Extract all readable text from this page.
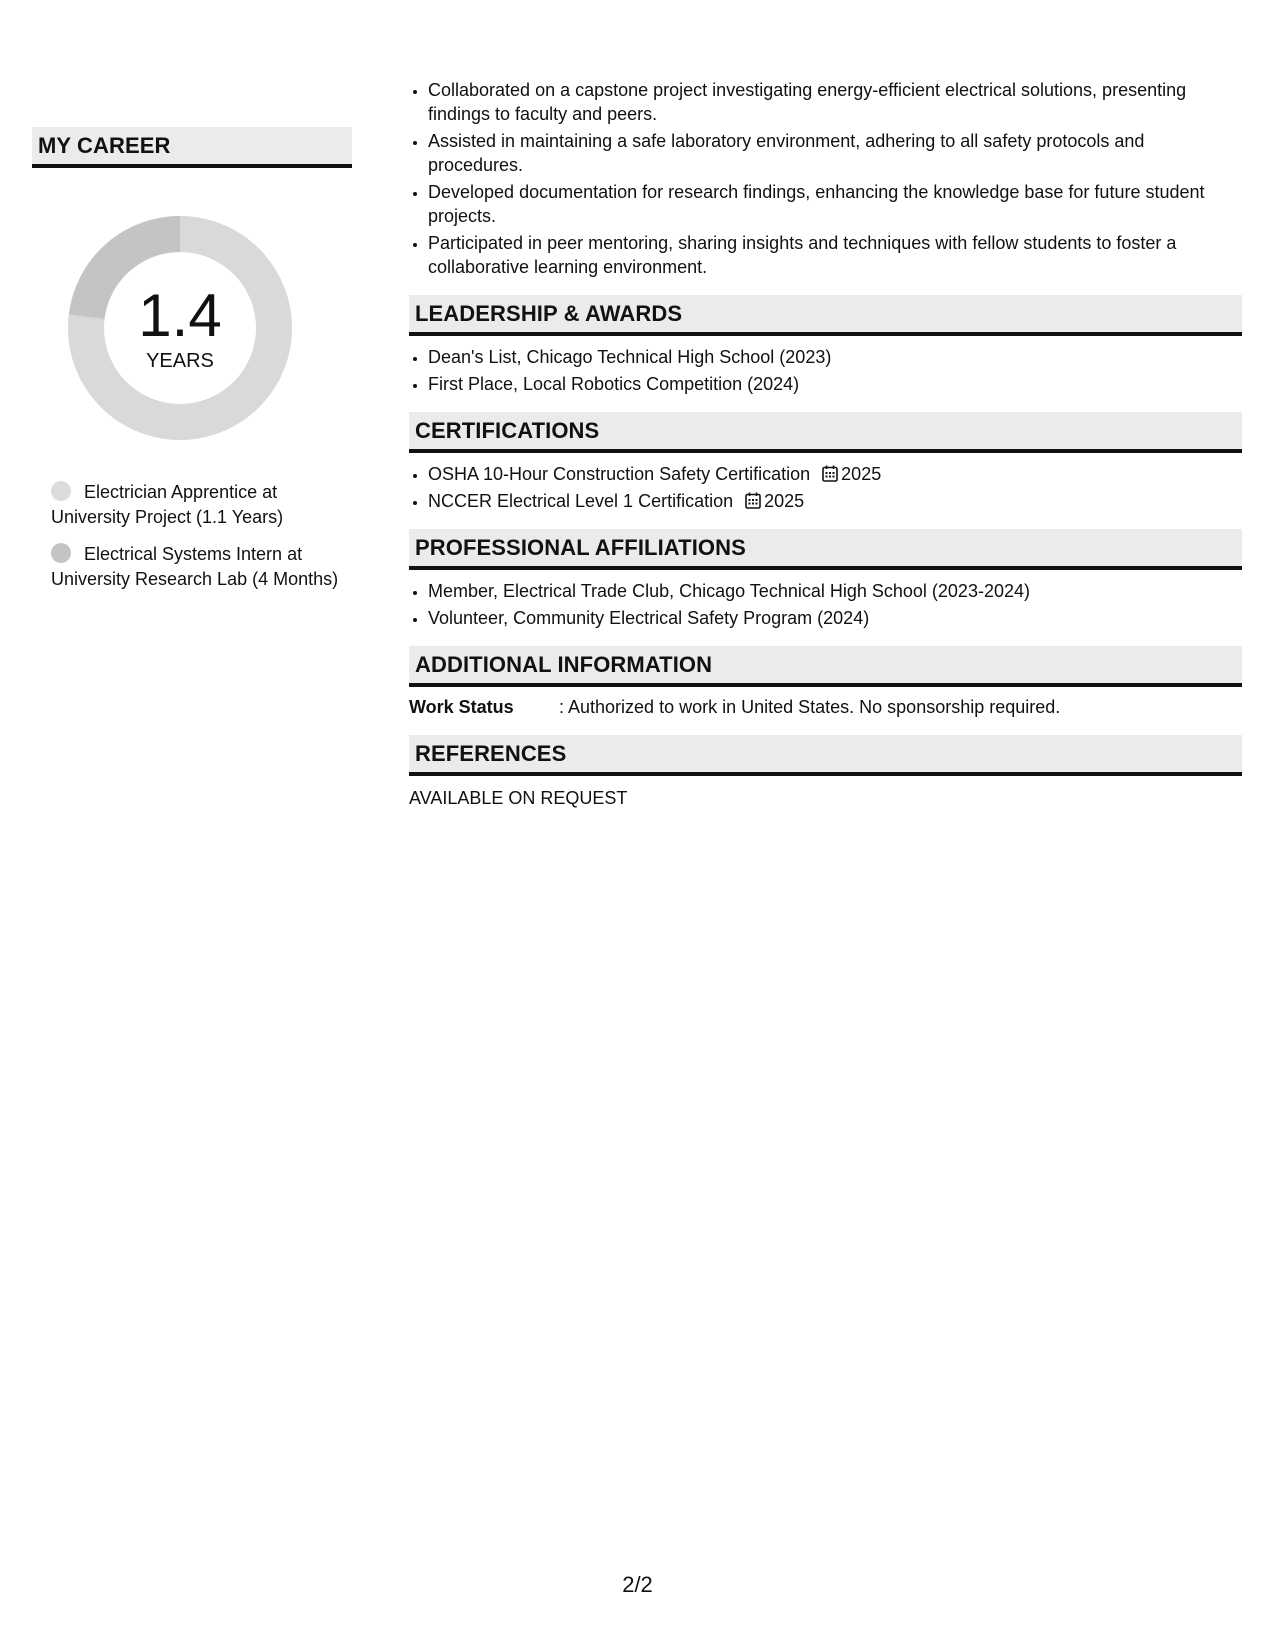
MY CAREER
1.4
YEARS
Electrician Apprentice at University Project (1.1 Years)
Electrical Systems Intern at University Research Lab (4 Months)
• Collaborated on a capstone project investigating energy-efficient electrical solutions, presenting findings to faculty and peers.
• Assisted in maintaining a safe laboratory environment, adhering to all safety protocols and procedures.
• Developed documentation for research findings, enhancing the knowledge base for future student projects.
• Participated in peer mentoring, sharing insights and techniques with fellow students to foster a collaborative learning environment.
LEADERSHIP & AWARDS
• Dean's List, Chicago Technical High School (2023)
• First Place, Local Robotics Competition (2024)
CERTIFICATIONS
• OSHA 10-Hour Construction Safety Certification 2025
• NCCER Electrical Level 1 Certification 2025
PROFESSIONAL AFFILIATIONS
• Member, Electrical Trade Club, Chicago Technical High School (2023-2024)
• Volunteer, Community Electrical Safety Program (2024)
ADDITIONAL INFORMATION
Work Status	: Authorized to work in United States. No sponsorship required.
REFERENCES
AVAILABLE ON REQUEST
2/2
